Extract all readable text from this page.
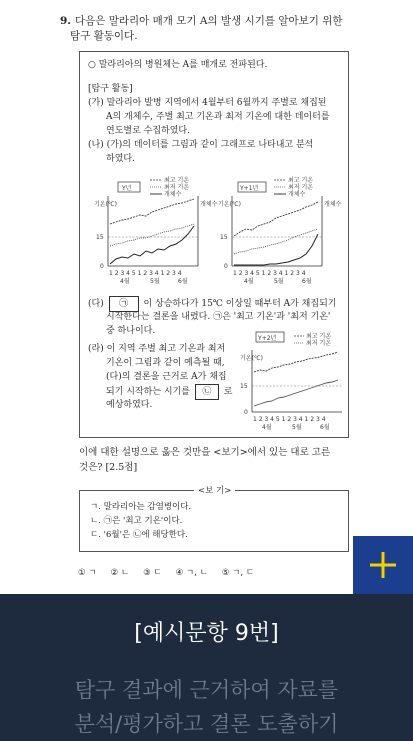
9. 다음은 말라리아 매개 모기 A의 발생 시기를 알아보기 위한
탐구 활동이다.
○ 말라리아의 병원체는 A를 매개로 전파된다.
[탐구 활동]
(가) 말라리아 발병 지역에서 4월부터 6월까지 주별로 채집된
A의 개체수, 주별 최고 기온과 최저 기온에 대한 데이터를
연도별로 수집하였다.
(나) (가)의 데이터를 그림과 같이 그래프로 나타내고 분석
하였다.
Y년
최고 기온
최저 기온
개체수
기온(℃)
15
0
1 2 3 4 5 1 2 3 4 1 2 3 4
4월	5월	6월
개체수
Y+1년
최고 기온
최저 기온
개체수
기온(℃)
15
0
1 2 3 4 5 1 2 3 4 1 2 3 4
4월	5월	6월
개체수
(다) ㉠ 이 상승하다가 15℃ 이상일 때부터 A가 채집되기
시작한다는 결론을 내렸다. ㉠은 '최고 기온'과 '최저 기온'
중 하나이다.
(라) 이 지역 주별 최고 기온과 최저
기온이 그림과 같이 예측될 때,
(다)의 결론을 근거로 A가 채집
되기 시작하는 시기를 ㉡ 로
예상하였다.
Y+2년	최고 기온
최저 기온
기온(℃)
15
0
1 2 3 4 5 1 2 3 4 1 2 3 4
4월	5월	6월
이에 대한 설명으로 옳은 것만을 <보기>에서 있는 대로 고른
것은? [2.5점]
<보 기>
ㄱ. 말라리아는 감염병이다.
ㄴ. ㉠은 '최고 기온'이다.
ㄷ. '6월'은 ㉡에 해당한다.
① ㄱ ② ㄴ ③ ㄷ ④ ㄱ, ㄴ ⑤ ㄱ, ㄷ
[예시문항 9번]
탐구 결과에 근거하여 자료를
분석/평가하고 결론 도출하기
